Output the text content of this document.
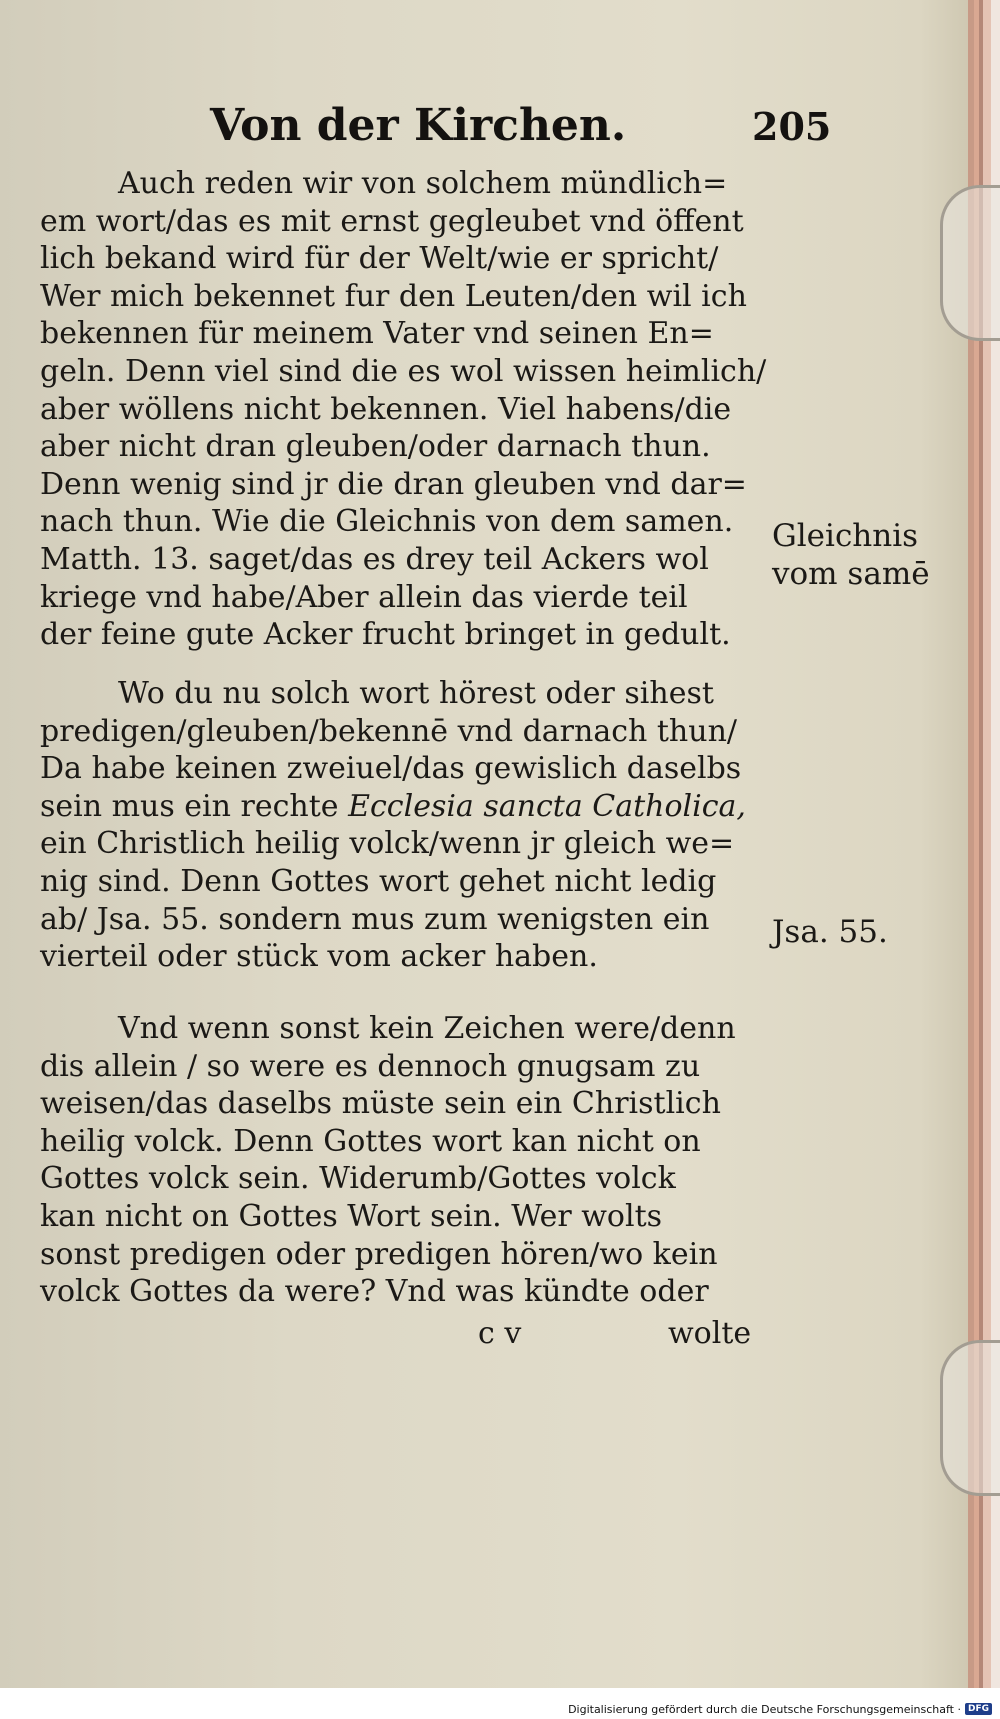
Von der Kirchen.	205
Auch reden wir von solchem mündlich=
em wort/das es mit ernst gegleubet vnd öffent
lich bekand wird für der Welt/wie er spricht/
Wer mich bekennet fur den Leuten/den wil ich
bekennen für meinem Vater vnd seinen En=
geln. Denn viel sind die es wol wissen heimlich/
aber wöllens nicht bekennen. Viel habens/die
aber nicht dran gleuben/oder darnach thun.
Denn wenig sind jr die dran gleuben vnd dar=
nach thun. Wie die Gleichnis von dem samen.
Matth. 13. saget/das es drey teil Ackers wol
kriege vnd habe/Aber allein das vierde teil
der feine gute Acker frucht bringet in gedult.
Wo du nu solch wort hörest oder sihest
predigen/gleuben/bekennē vnd darnach thun/
Da habe keinen zweiuel/das gewislich daselbs
sein mus ein rechte Ecclesia sancta Catholica,
ein Christlich heilig volck/wenn jr gleich we=
nig sind. Denn Gottes wort gehet nicht ledig
ab/ Jsa. 55. sondern mus zum wenigsten ein
vierteil oder stück vom acker haben.
Vnd wenn sonst kein Zeichen were/denn
dis allein / so were es dennoch gnugsam zu
weisen/das daselbs müste sein ein Christlich
heilig volck. Denn Gottes wort kan nicht on
Gottes volck sein. Widerumb/Gottes volck
kan nicht on Gottes Wort sein. Wer wolts
sonst predigen oder predigen hören/wo kein
volck Gottes da were? Vnd was kündte oder
Gleichnis
vom samē
Jsa. 55.
c v	wolte
Digitalisierung gefördert durch die Deutsche Forschungsgemeinschaft · DFG
